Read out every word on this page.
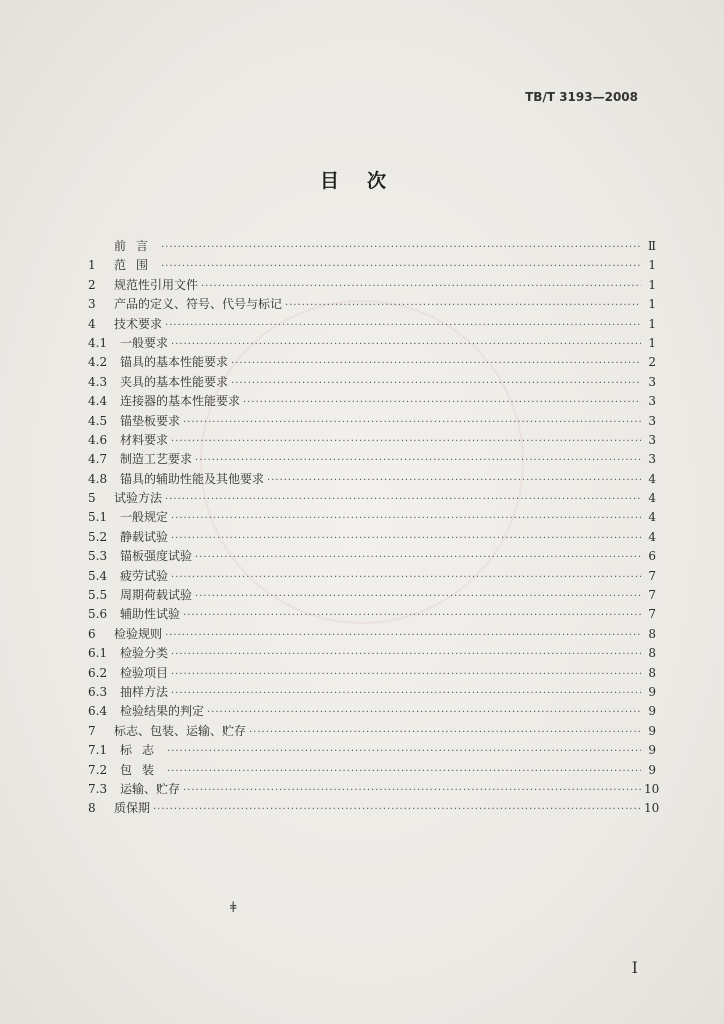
TB/T 3193—2008
目次
前言 ·····	Ⅱ
1	范围 ·····	1
2	规范性引用文件 ·····	1
3	产品的定义、符号、代号与标记 ·····	1
4	技术要求 ·····	1
4.1 一般要求 ·····	1
4.2 锚具的基本性能要求 ·····	2
4.3 夹具的基本性能要求 ·····	3
4.4 连接器的基本性能要求 ·····	3
4.5 锚垫板要求 ·····	3
4.6 材料要求 ·····	3
4.7 制造工艺要求 ·····	3
4.8 锚具的辅助性能及其他要求 ·····	4
5	试验方法 ·····	4
5.1 一般规定 ·····	4
5.2 静载试验 ·····	4
5.3 锚板强度试验 ·····	6
5.4 疲劳试验 ·····	7
5.5 周期荷载试验 ·····	7
5.6 辅助性试验 ·····	7
6	检验规则 ·····	8
6.1 检验分类 ·····	8
6.2 检验项目 ·····	8
6.3 抽样方法 ·····	9
6.4 检验结果的判定 ·····	9
7	标志、包装、运输、贮存 ·····	9
7.1 标志 ·····	9
7.2 包装 ·····	9
7.3 运输、贮存 ·····	10
8	质保期 ·····	10
ǂ
Ⅰ
